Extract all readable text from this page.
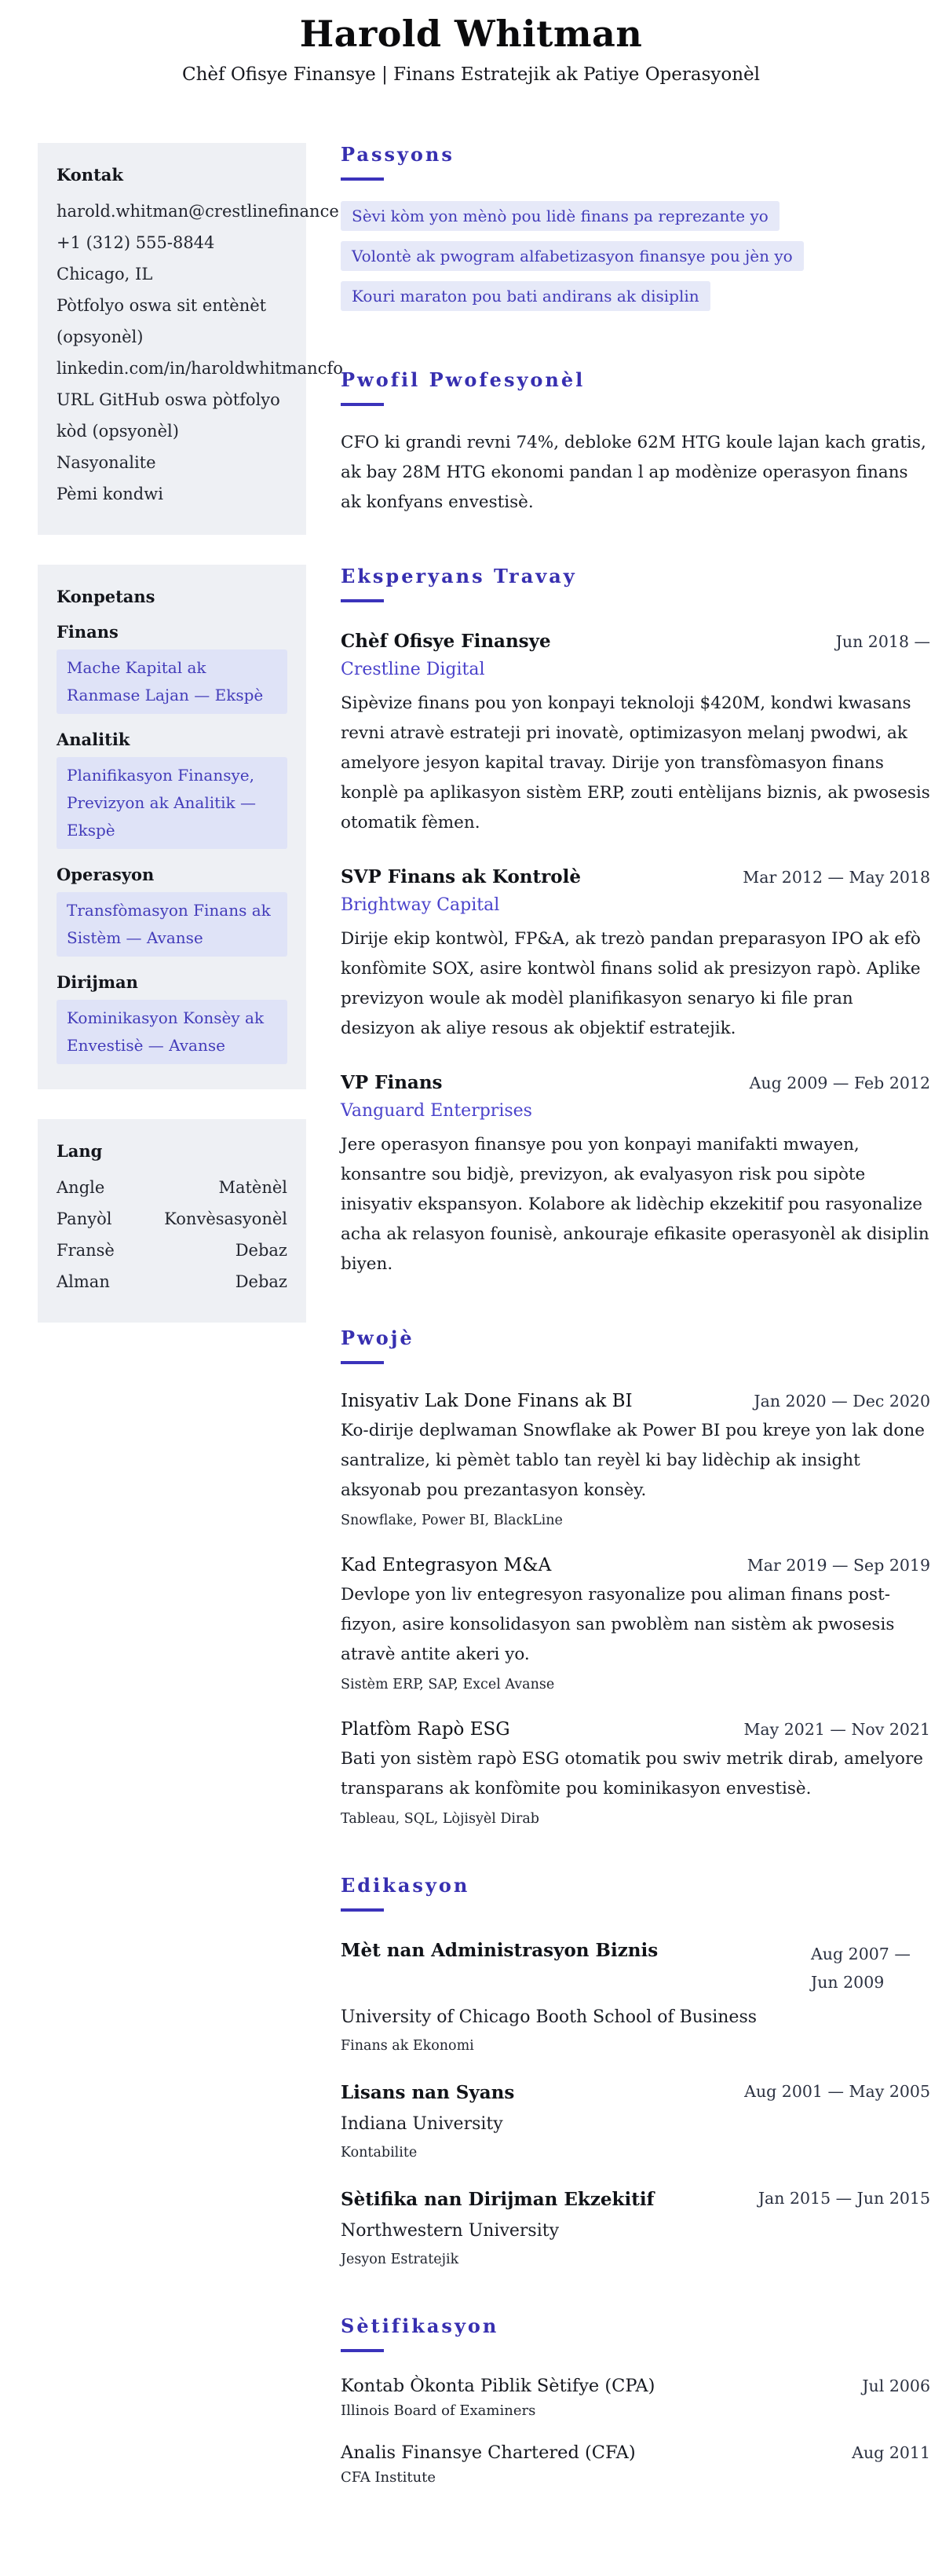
Harold Whitman
Chèf Ofisye Finansye | Finans Estratejik ak Patiye Operasyonèl
Kontak
harold.whitman@crestlinefinance
+1 (312) 555-8844
Chicago, IL
Pòtfolyo oswa sit entènèt (opsyonèl)
linkedin.com/in/haroldwhitmancfo
URL GitHub oswa pòtfolyo kòd (opsyonèl)
Nasyonalite
Pèmi kondwi
Konpetans
Finans
Mache Kapital ak Ranmase Lajan — Ekspè
Analitik
Planifikasyon Finansye, Previzyon ak Analitik — Ekspè
Operasyon
Transfòmasyon Finans ak Sistèm — Avanse
Dirijman
Kominikasyon Konsèy ak Envestisè — Avanse
Lang
Angle	Matènèl
Panyòl	Konvèsasyonèl
Fransè	Debaz
Alman	Debaz
Passyons
Sèvi kòm yon mènò pou lidè finans pa reprezante yo
Volontè ak pwogram alfabetizasyon finansye pou jèn yo
Kouri maraton pou bati andirans ak disiplin
Pwofil Pwofesyonèl

CFO ki grandi revni 74%, debloke 62M HTG koule lajan kach gratis, ak bay 28M HTG ekonomi pandan l ap modènize operasyon finans ak konfyans envestisè.

Eksperyans Travay
Chèf Ofisye Finansye	Jun 2018 —
Crestline Digital

Sipèvize finans pou yon konpayi teknoloji $420M, kondwi kwasans revni atravè estrateji pri inovatè, optimizasyon melanj pwodwi, ak amelyore jesyon kapital travay. Dirije yon transfòmasyon finans konplè pa aplikasyon sistèm ERP, zouti entèlijans biznis, ak pwosesis otomatik fèmen.

SVP Finans ak Kontrolè	Mar 2012 — May 2018
Brightway Capital

Dirije ekip kontwòl, FP&A, ak trezò pandan preparasyon IPO ak efò konfòmite SOX, asire kontwòl finans solid ak presizyon rapò. Aplike previzyon woule ak modèl planifikasyon senaryo ki file pran desizyon ak aliye resous ak objektif estratejik.

VP Finans	Aug 2009 — Feb 2012
Vanguard Enterprises

Jere operasyon finansye pou yon konpayi manifakti mwayen, konsantre sou bidjè, previzyon, ak evalyasyon risk pou sipòte inisyativ ekspansyon. Kolabore ak lidèchip ekzekitif pou rasyonalize acha ak relasyon founisè, ankouraje efikasite operasyonèl ak disiplin biyen.

Pwojè
Inisyativ Lak Done Finans ak BI	Jan 2020 — Dec 2020

Ko-dirije deplwaman Snowflake ak Power BI pou kreye yon lak done santralize, ki pèmèt tablo tan reyèl ki bay lidèchip ak insight aksyonab pou prezantasyon konsèy.

Snowflake, Power BI, BlackLine
Kad Entegrasyon M&A	Mar 2019 — Sep 2019

Devlope yon liv entegresyon rasyonalize pou aliman finans post-fizyon, asire konsolidasyon san pwoblèm nan sistèm ak pwosesis atravè antite akeri yo.

Sistèm ERP, SAP, Excel Avanse
Platfòm Rapò ESG	May 2021 — Nov 2021

Bati yon sistèm rapò ESG otomatik pou swiv metrik dirab, amelyore transparans ak konfòmite pou kominikasyon envestisè.

Tableau, SQL, Lòjisyèl Dirab
Edikasyon
Mèt nan Administrasyon Biznis	Aug 2007 — Jun 2009
University of Chicago Booth School of Business
Finans ak Ekonomi
Lisans nan Syans	Aug 2001 — May 2005
Indiana University
Kontabilite
Sètifika nan Dirijman Ekzekitif	Jan 2015 — Jun 2015
Northwestern University
Jesyon Estratejik
Sètifikasyon
Kontab Òkonta Piblik Sètifye (CPA)	Jul 2006
Illinois Board of Examiners
Analis Finansye Chartered (CFA)	Aug 2011
CFA Institute
